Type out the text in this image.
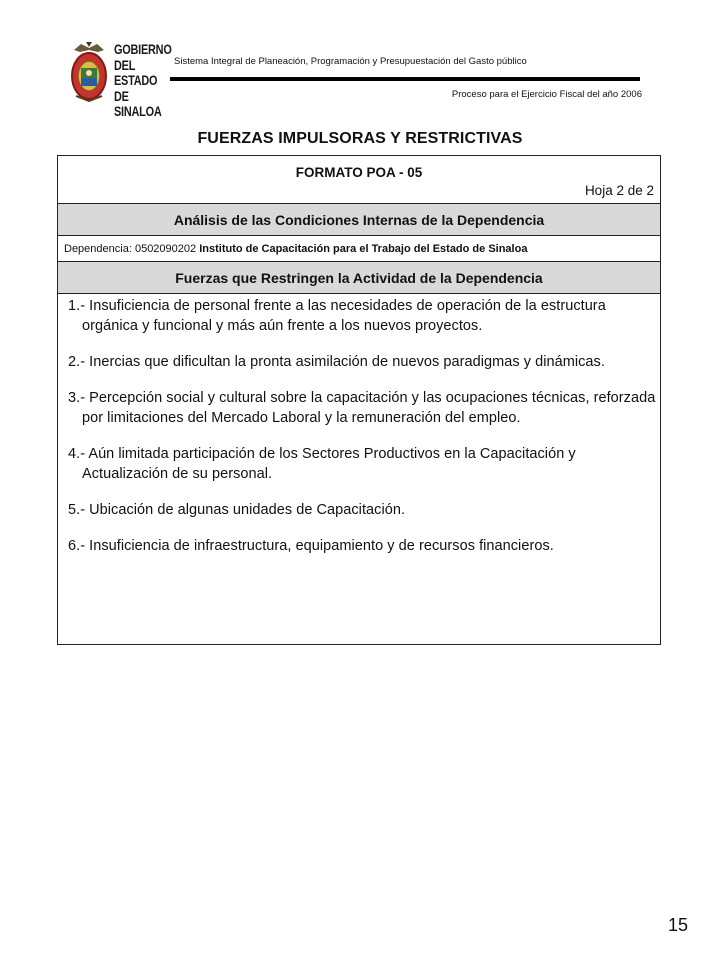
GOBIERNO
DEL ESTADO
DE SINALOA
Sistema Integral de Planeación, Programación y Presupuestación del Gasto público
Proceso para el Ejercicio Fiscal del año 2006
FUERZAS IMPULSORAS Y RESTRICTIVAS
FORMATO POA - 05
Hoja 2 de 2
Análisis de las Condiciones Internas de la Dependencia
Dependencia: 0502090202 Instituto de Capacitación para el Trabajo del Estado de Sinaloa
Fuerzas que Restringen la Actividad de la Dependencia
1.- Insuficiencia de personal frente a las necesidades de operación de la estructura orgánica y funcional y más aún frente a los nuevos proyectos.
2.- Inercias que dificultan la pronta asimilación de nuevos paradigmas y dinámicas.
3.- Percepción social y cultural sobre la capacitación y las ocupaciones técnicas, reforzada por limitaciones del Mercado Laboral y la remuneración del empleo.
4.- Aún limitada participación de los Sectores Productivos en la Capacitación y Actualización de su personal.
5.- Ubicación de algunas unidades de Capacitación.
6.- Insuficiencia de infraestructura, equipamiento y de recursos financieros.
15
